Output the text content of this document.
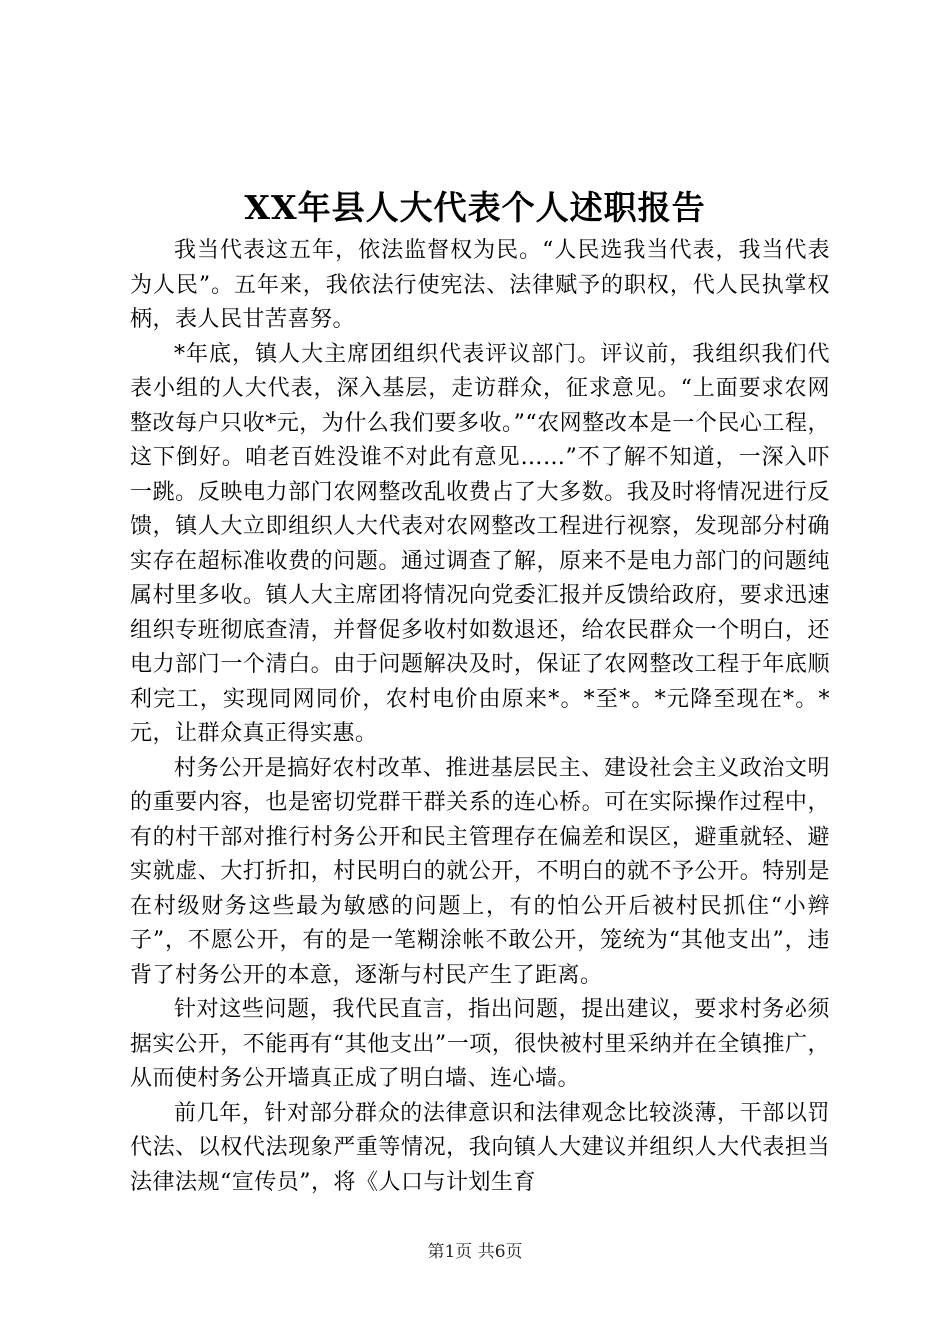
XX年县人大代表个人述职报告

我当代表这五年，依法监督权为民。“人民选我当代表，我当代表为人民”。五年来，我依法行使宪法、法律赋予的职权，代人民执掌权柄，表人民甘苦喜努。

*年底，镇人大主席团组织代表评议部门。评议前，我组织我们代表小组的人大代表，深入基层，走访群众，征求意见。“上面要求农网整改每户只收*元，为什么我们要多收。”“农网整改本是一个民心工程，这下倒好。咱老百姓没谁不对此有意见……”不了解不知道，一深入吓一跳。反映电力部门农网整改乱收费占了大多数。我及时将情况进行反馈，镇人大立即组织人大代表对农网整改工程进行视察，发现部分村确实存在超标准收费的问题。通过调查了解，原来不是电力部门的问题纯属村里多收。镇人大主席团将情况向党委汇报并反馈给政府，要求迅速组织专班彻底查清，并督促多收村如数退还，给农民群众一个明白，还电力部门一个清白。由于问题解决及时，保证了农网整改工程于年底顺利完工，实现同网同价，农村电价由原来*。*至*。*元降至现在*。*元，让群众真正得实惠。

村务公开是搞好农村改革、推进基层民主、建设社会主义政治文明的重要内容，也是密切党群干群关系的连心桥。可在实际操作过程中，有的村干部对推行村务公开和民主管理存在偏差和误区，避重就轻、避实就虚、大打折扣，村民明白的就公开，不明白的就不予公开。特别是在村级财务这些最为敏感的问题上，有的怕公开后被村民抓住“小辫子”，不愿公开，有的是一笔糊涂帐不敢公开，笼统为“其他支出”，违背了村务公开的本意，逐渐与村民产生了距离。

针对这些问题，我代民直言，指出问题，提出建议，要求村务必须据实公开，不能再有“其他支出”一项，很快被村里采纳并在全镇推广，从而使村务公开墙真正成了明白墙、连心墙。

前几年，针对部分群众的法律意识和法律观念比较淡薄，干部以罚代法、以权代法现象严重等情况，我向镇人大建议并组织人大代表担当法律法规“宣传员”，将《人口与计划生育

第1页 共6页
